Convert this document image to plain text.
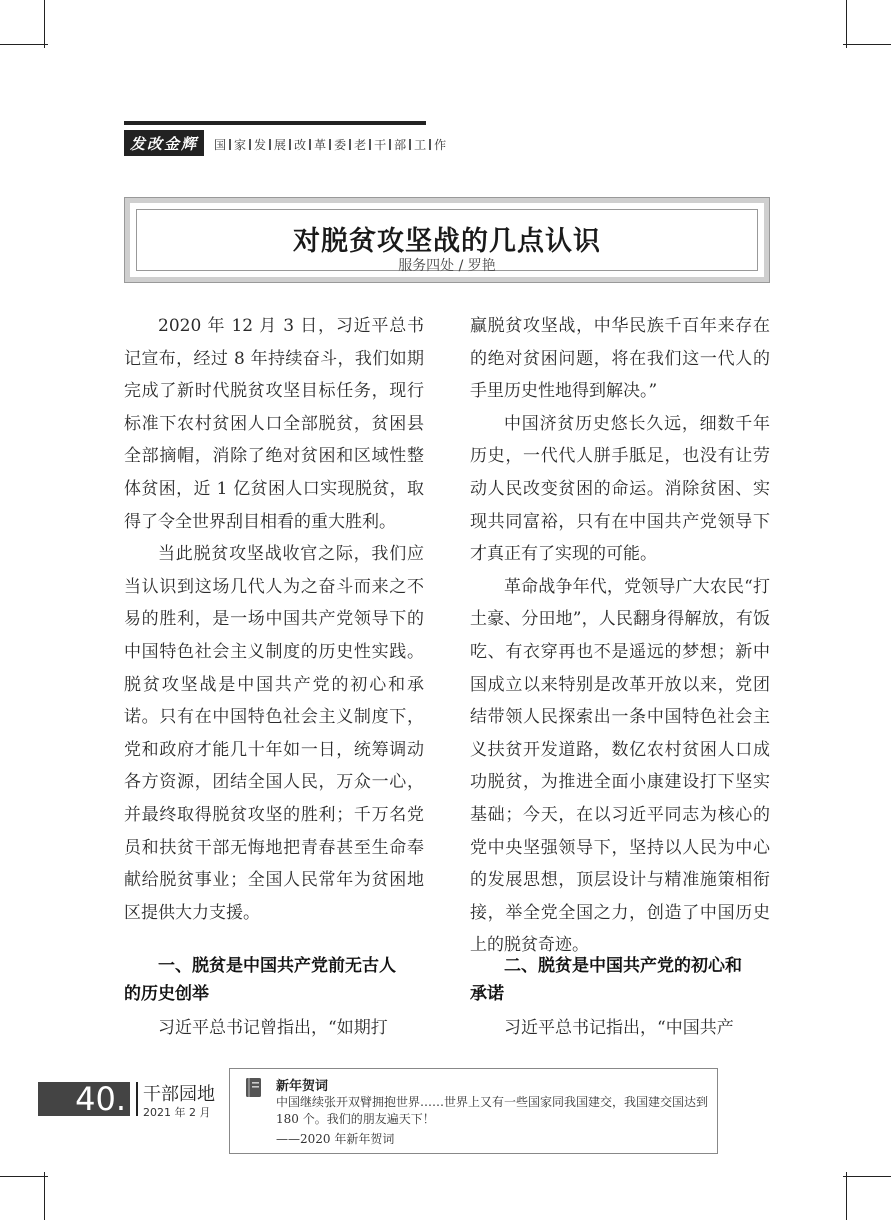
发改金辉	国 家 发 展 改 革 委 老 干 部 工 作
对脱贫攻坚战的几点认识
服务四处 / 罗艳

2020 年 12 月 3 日，习近平总书记宣布，经过 8 年持续奋斗，我们如期完成了新时代脱贫攻坚目标任务，现行标准下农村贫困人口全部脱贫，贫困县全部摘帽，消除了绝对贫困和区域性整体贫困，近 1 亿贫困人口实现脱贫，取得了令全世界刮目相看的重大胜利。

当此脱贫攻坚战收官之际，我们应当认识到这场几代人为之奋斗而来之不易的胜利，是一场中国共产党领导下的中国特色社会主义制度的历史性实践。脱贫攻坚战是中国共产党的初心和承诺。只有在中国特色社会主义制度下，党和政府才能几十年如一日，统筹调动各方资源，团结全国人民，万众一心，并最终取得脱贫攻坚的胜利；千万名党员和扶贫干部无悔地把青春甚至生命奉献给脱贫事业；全国人民常年为贫困地区提供大力支援。

赢脱贫攻坚战，中华民族千百年来存在的绝对贫困问题，将在我们这一代人的手里历史性地得到解决。”

中国济贫历史悠长久远，细数千年历史，一代代人胼手胝足，也没有让劳动人民改变贫困的命运。消除贫困、实现共同富裕，只有在中国共产党领导下才真正有了实现的可能。

革命战争年代，党领导广大农民“打土豪、分田地”，人民翻身得解放，有饭吃、有衣穿再也不是遥远的梦想；新中国成立以来特别是改革开放以来，党团结带领人民探索出一条中国特色社会主义扶贫开发道路，数亿农村贫困人口成功脱贫，为推进全面小康建设打下坚实基础；今天，在以习近平同志为核心的党中央坚强领导下，坚持以人民为中心的发展思想，顶层设计与精准施策相衔接，举全党全国之力，创造了中国历史上的脱贫奇迹。

一、脱贫是中国共产党前无古人
的历史创举
二、脱贫是中国共产党的初心和
承诺
习近平总书记曾指出，“如期打	习近平总书记指出，“中国共产
40. 干部园地
2021 年 2 月
新年贺词
中国继续张开双臂拥抱世界……世界上又有一些国家同我国建交，我国建交国达到 180 个。我们的朋友遍天下！
——2020 年新年贺词
